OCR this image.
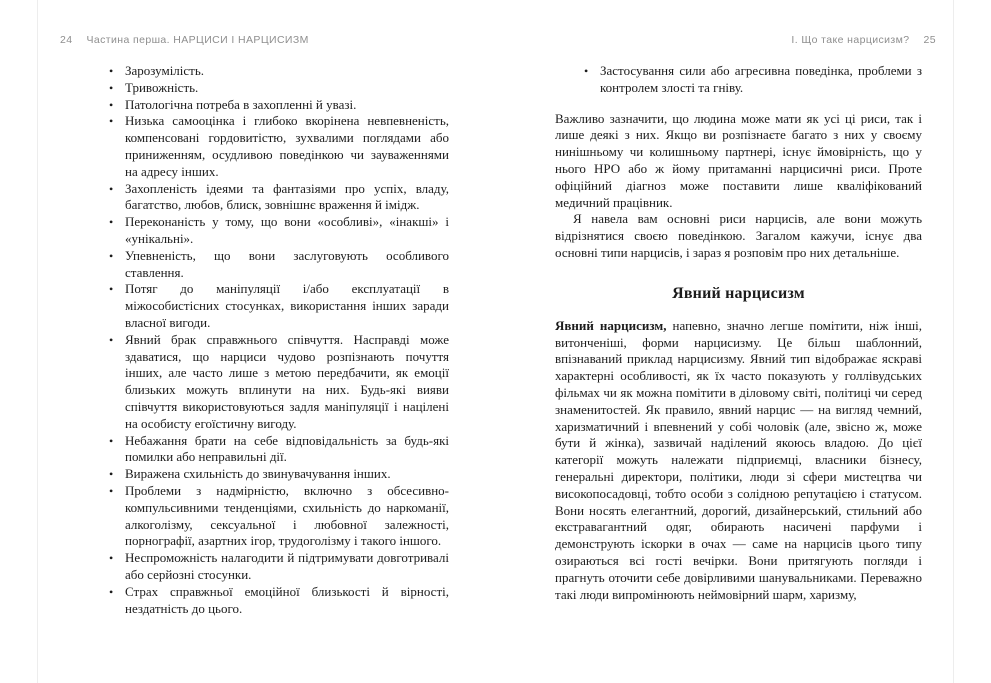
24 Частина перша. НАРЦИСИ І НАРЦИСИЗМ
• Зарозумілість.
• Тривожність.
• Патологічна потреба в захопленні й увазі.
• Низька самооцінка і глибоко вкорінена невпевненість, компенсовані гордовитістю, зухвалими поглядами або приниженням, осудливою поведінкою чи зауваженнями на адресу інших.
• Захопленість ідеями та фантазіями про успіх, владу, багатство, любов, блиск, зовнішнє враження й імідж.
• Переконаність у тому, що вони «особливі», «інакші» і «унікальні».
• Упевненість, що вони заслуговують особливого ставлення.
• Потяг до маніпуляції і/або експлуатації в міжособистісних стосунках, використання інших заради власної вигоди.
• Явний брак справжнього співчуття. Насправді може здаватися, що нарциси чудово розпізнають почуття інших, але часто лише з метою передбачити, як емоції близьких можуть вплинути на них. Будь-які вияви співчуття використовуються задля маніпуляції і націлені на особисту егоїстичну вигоду.
• Небажання брати на себе відповідальність за будь-які помилки або неправильні дії.
• Виражена схильність до звинувачування інших.
• Проблеми з надмірністю, включно з обсесивно-компульсивними тенденціями, схильність до наркоманії, алкоголізму, сексуальної і любовної залежності, порнографії, азартних ігор, трудоголізму і такого іншого.
• Неспроможність налагодити й підтримувати довготривалі або серйозні стосунки.
• Страх справжньої емоційної близькості й вірності, нездатність до цього.
І. Що таке нарцисизм? 25
• Застосування сили або агресивна поведінка, проблеми з контролем злості та гніву.

Важливо зазначити, що людина може мати як усі ці риси, так і лише деякі з них. Якщо ви розпізнаєте багато з них у своєму нинішньому чи колишньому партнері, існує ймовірність, що у нього НРО або ж йому притаманні нарцисичні риси. Проте офіційний діагноз може поставити лише кваліфікований медичний працівник.

Я навела вам основні риси нарцисів, але вони можуть відрізнятися своєю поведінкою. Загалом кажучи, існує два основні типи нарцисів, і зараз я розповім про них детальніше.

Явний нарцисизм

Явний нарцисизм, напевно, значно легше помітити, ніж інші, витонченіші, форми нарцисизму. Це більш шаблонний, впізнаваний приклад нарцисизму. Явний тип відображає яскраві характерні особливості, як їх часто показують у голлівудських фільмах чи як можна помітити в діловому світі, політиці чи серед знаменитостей. Як правило, явний нарцис — на вигляд чемний, харизматичний і впевнений у собі чоловік (але, звісно ж, може бути й жінка), зазвичай наділений якоюсь владою. До цієї категорії можуть належати підприємці, власники бізнесу, генеральні директори, політики, люди зі сфери мистецтва чи високопосадовці, тобто особи з солідною репутацією і статусом. Вони носять елегантний, дорогий, дизайнерський, стильний або екстравагантний одяг, обирають насичені парфуми і демонструють іскорки в очах — саме на нарцисів цього типу озираються всі гості вечірки. Вони притягують погляди і прагнуть оточити себе довірливими шанувальниками. Переважно такі люди випромінюють неймовірний шарм, харизму,
